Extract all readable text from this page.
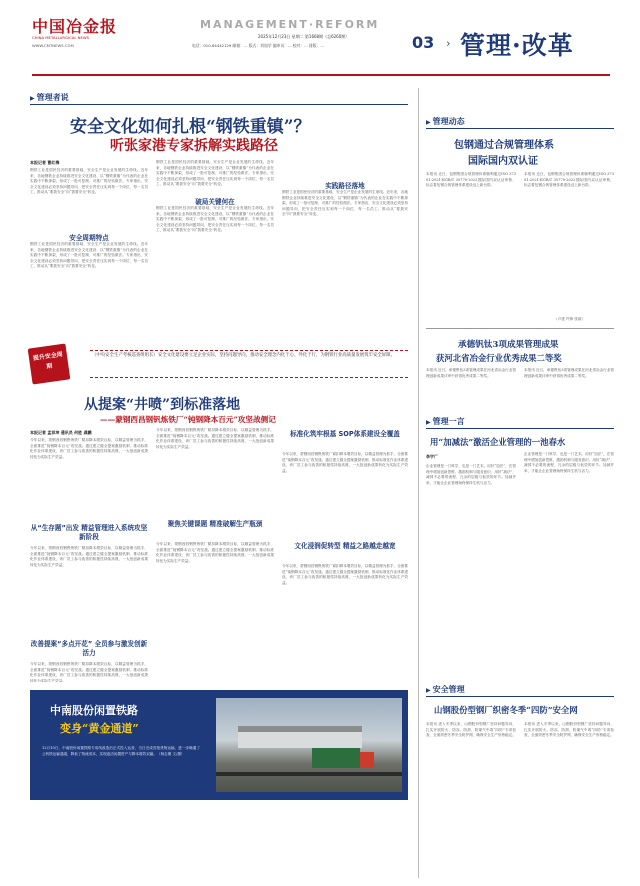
中国冶金报
CHINA METALLURGICAL NEWS
WWW.CMTNEWS.COM
MANAGEMENT·REFORM
2025年12月23日 星期二 第1668期（总6260期）
电话：010-64442129 邮箱：... 版式：刘加学 编审员：... 校对：... 排版：...	03 › 管理·改革
▶ 管理者说
安全文化如何扎根“钢铁重镇”？
听张家港专家拆解实践路径
本报记者 曹红梅
钢铁工业是国民经济的重要基础，安全生产是企业发展的生命线。近年来，各地钢铁企业持续推进安全文化建设，以“钢铁重镇”为代表的企业在实践中不断探索，形成了一批可复制、可推广的经验做法。专家指出，安全文化建设必须坚持问题导向，把安全责任压实到每一个岗位、每一名员工，推动从“要我安全”向“我要安全”转变。
安全周期特点
钢铁工业是国民经济的重要基础，安全生产是企业发展的生命线。近年来，各地钢铁企业持续推进安全文化建设，以“钢铁重镇”为代表的企业在实践中不断探索，形成了一批可复制、可推广的经验做法。专家指出，安全文化建设必须坚持问题导向，把安全责任压实到每一个岗位、每一名员工，推动从“要我安全”向“我要安全”转变。
钢铁工业是国民经济的重要基础，安全生产是企业发展的生命线。近年来，各地钢铁企业持续推进安全文化建设，以“钢铁重镇”为代表的企业在实践中不断探索，形成了一批可复制、可推广的经验做法。专家指出，安全文化建设必须坚持问题导向，把安全责任压实到每一个岗位、每一名员工，推动从“要我安全”向“我要安全”转变。
破局关键何在
钢铁工业是国民经济的重要基础，安全生产是企业发展的生命线。近年来，各地钢铁企业持续推进安全文化建设，以“钢铁重镇”为代表的企业在实践中不断探索，形成了一批可复制、可推广的经验做法。专家指出，安全文化建设必须坚持问题导向，把安全责任压实到每一个岗位、每一名员工，推动从“要我安全”向“我要安全”转变。
实践路径落地
钢铁工业是国民经济的重要基础，安全生产是企业发展的生命线。近年来，各地钢铁企业持续推进安全文化建设，以“钢铁重镇”为代表的企业在实践中不断探索，形成了一批可复制、可推广的经验做法。专家指出，安全文化建设必须坚持问题导向，把安全责任压实到每一个岗位、每一名员工，推动从“要我安全”向“我要安全”转变。
提升安全周期
（中央安全生产考核巡查组组长）安全文化建设要立足企业实际，坚持问题导向，推动安全理念内化于心、外化于行，为钢铁行业高质量发展筑牢安全屏障。
从提案“井喷”到标准落地
——蒙钢西昌钢钒炼铁厂“钝钢降本百元”攻坚战侧记
本报记者 孟祥坤 通讯员 何胜 龚鹏
今年以来，蒙钢西昌钢钒炼铁厂紧扣降本增效目标，以精益管理为抓手，全面推进“钝钢降本百元”攻坚战。通过建立健全提案激励机制、推动标准化作业体系建设，该厂员工参与改善的积极性持续高涨，一大批创新成果转化为实际生产效益。
从“生存题”出发 精益管理进入系统攻坚新阶段
今年以来，蒙钢西昌钢钒炼铁厂紧扣降本增效目标，以精益管理为抓手，全面推进“钝钢降本百元”攻坚战。通过建立健全提案激励机制、推动标准化作业体系建设，该厂员工参与改善的积极性持续高涨，一大批创新成果转化为实际生产效益。
改善提案“多点开花” 全员参与激发创新活力
今年以来，蒙钢西昌钢钒炼铁厂紧扣降本增效目标，以精益管理为抓手，全面推进“钝钢降本百元”攻坚战。通过建立健全提案激励机制、推动标准化作业体系建设，该厂员工参与改善的积极性持续高涨，一大批创新成果转化为实际生产效益。
今年以来，蒙钢西昌钢钒炼铁厂紧扣降本增效目标，以精益管理为抓手，全面推进“钝钢降本百元”攻坚战。通过建立健全提案激励机制、推动标准化作业体系建设，该厂员工参与改善的积极性持续高涨，一大批创新成果转化为实际生产效益。
聚焦关键课题 精准破解生产瓶颈
今年以来，蒙钢西昌钢钒炼铁厂紧扣降本增效目标，以精益管理为抓手，全面推进“钝钢降本百元”攻坚战。通过建立健全提案激励机制、推动标准化作业体系建设，该厂员工参与改善的积极性持续高涨，一大批创新成果转化为实际生产效益。
标准化筑牢根基 SOP体系建设全覆盖
今年以来，蒙钢西昌钢钒炼铁厂紧扣降本增效目标，以精益管理为抓手，全面推进“钝钢降本百元”攻坚战。通过建立健全提案激励机制、推动标准化作业体系建设，该厂员工参与改善的积极性持续高涨，一大批创新成果转化为实际生产效益。
文化浸润促转型 精益之路越走越宽
今年以来，蒙钢西昌钢钒炼铁厂紧扣降本增效目标，以精益管理为抓手，全面推进“钝钢降本百元”攻坚战。通过建立健全提案激励机制、推动标准化作业体系建设，该厂员工参与改善的积极性持续高涨，一大批创新成果转化为实际生产效益。
中南股份闲置铁路
变身“黄金通道”
12月10日，中南股份闲置铁路专用线改造后正式投入运营，当日完成首批货物运输，进一步畅通了公转铁运输通道，降低了物流成本，实现盘活闲置资产与降本增效双赢。（杨志刚 文/摄）
▶ 管理动态
包钢通过合规管理体系
国际国内双认证
本报讯 近日，包钢集团合规管理体系顺利通过ISO 37301:2021和GB/T 35770-2022国际国内双认证审核，标志着包钢合规管理体系建设迈上新台阶。
本报讯 近日，包钢集团合规管理体系顺利通过ISO 37301:2021和GB/T 35770-2022国际国内双认证审核，标志着包钢合规管理体系建设迈上新台阶。
（卢建 许锋 张斌）
承德钒钛3项成果管理成果
获河北省冶金行业优秀成果二等奖
本报讯 近日，承德钒钛3项管理成果在河北省冶金行业管理创新成果评审中获得优秀成果二等奖。
本报讯 近日，承德钒钛3项管理成果在河北省冶金行业管理创新成果评审中获得优秀成果二等奖。
▶ 管理一言
用“加减法”激活企业管理的一池春水
李宇广
企业管理是一门科学，也是一门艺术。用好“加法”，在管理中增加创新思维、激励机制与服务意识；用好“减法”，减掉不必要的流程、冗余的层级与低效的环节。加减并举，才能让企业管理始终保持生机与活力。
企业管理是一门科学，也是一门艺术。用好“加法”，在管理中增加创新思维、激励机制与服务意识；用好“减法”，减掉不必要的流程、冗余的层级与低效的环节。加减并举，才能让企业管理始终保持生机与活力。
▶ 安全管理
山钢股份型钢厂织密冬季“四防”安全网
本报讯 进入冬季以来，山钢股份型钢厂坚持问题导向，扎实开展防火、防冻、防滑、防煤气中毒“四防”专项检查，全面织密冬季安全防护网，确保安全生产形势稳定。
本报讯 进入冬季以来，山钢股份型钢厂坚持问题导向，扎实开展防火、防冻、防滑、防煤气中毒“四防”专项检查，全面织密冬季安全防护网，确保安全生产形势稳定。
